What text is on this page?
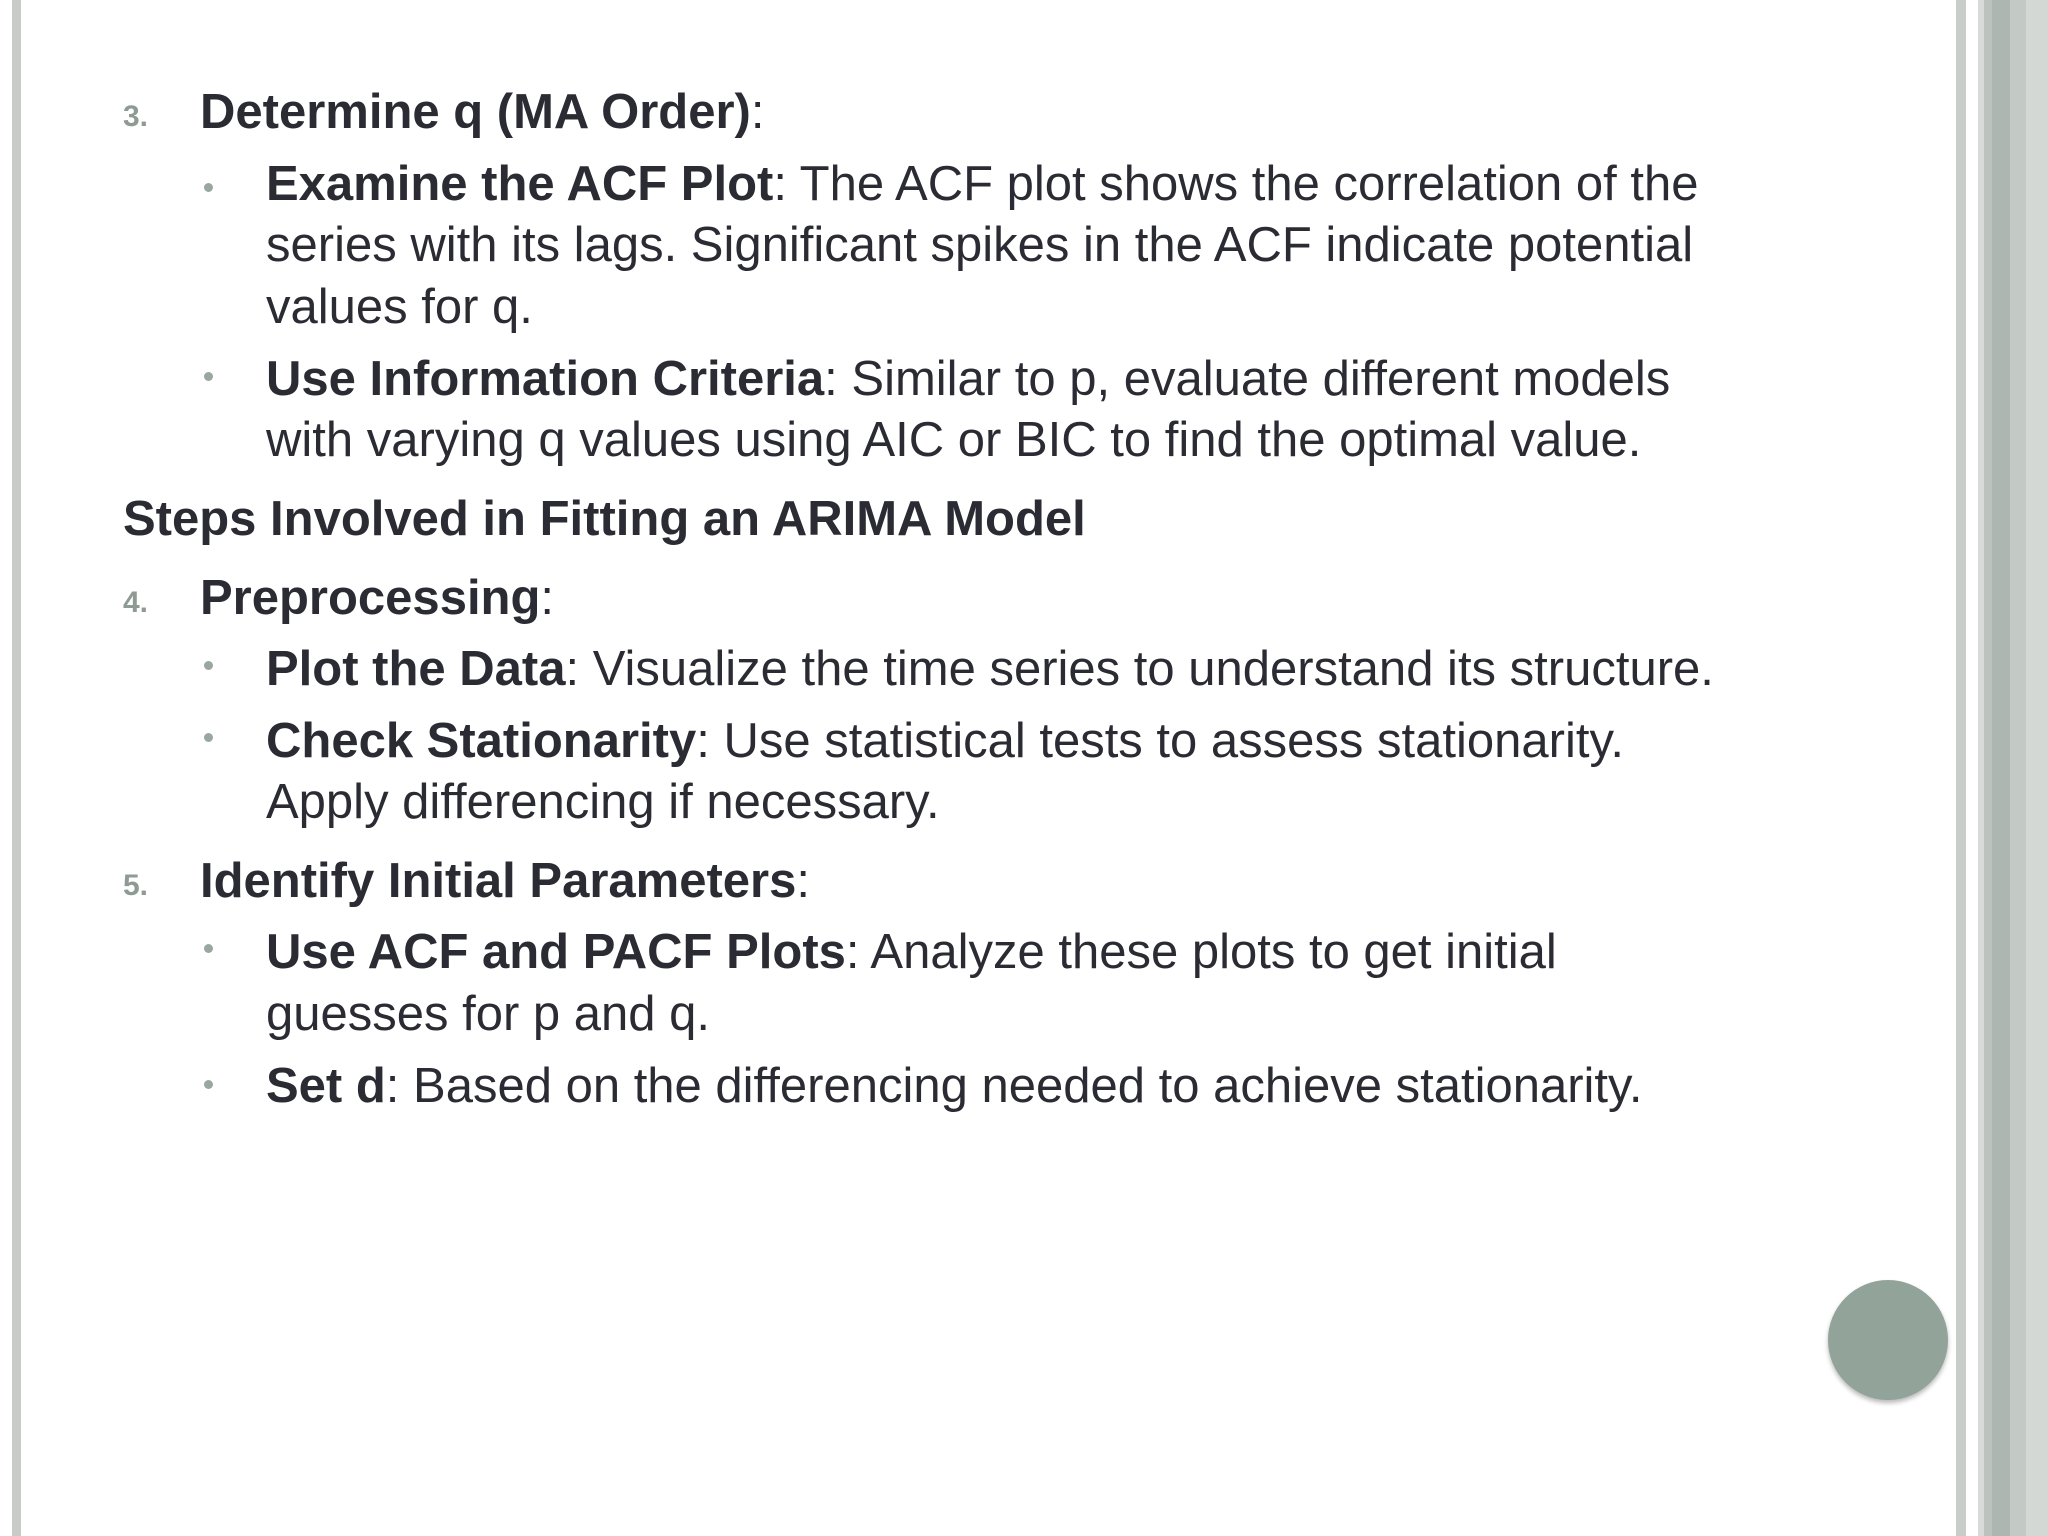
3. Determine q (MA Order):
Examine the ACF Plot: The ACF plot shows the correlation of the
series with its lags. Significant spikes in the ACF indicate potential
values for q.
Use Information Criteria: Similar to p, evaluate different models
with varying q values using AIC or BIC to find the optimal value.
Steps Involved in Fitting an ARIMA Model
4. Preprocessing:
Plot the Data: Visualize the time series to understand its structure.
Check Stationarity: Use statistical tests to assess stationarity.
Apply differencing if necessary.
5. Identify Initial Parameters:
Use ACF and PACF Plots: Analyze these plots to get initial
guesses for p and q.
Set d: Based on the differencing needed to achieve stationarity.
